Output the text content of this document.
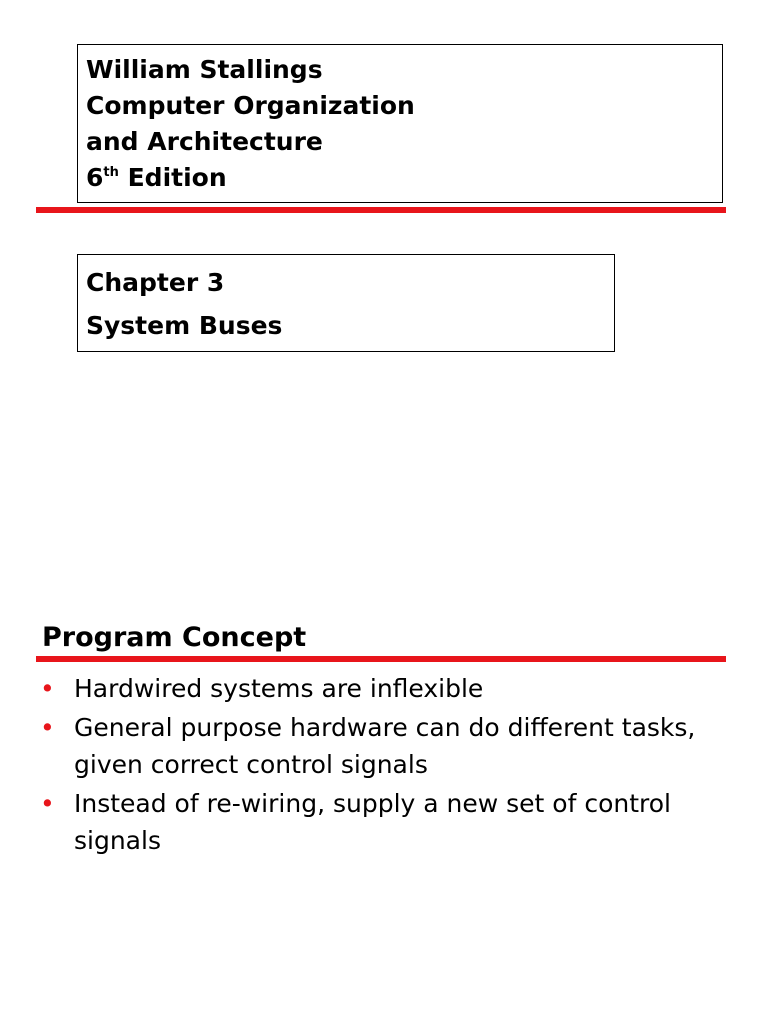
William Stallings
Computer Organization
and Architecture
6th Edition
Chapter 3
System Buses
Program Concept
• Hardwired systems are inflexible
• General purpose hardware can do different tasks, given correct control signals
• Instead of re-wiring, supply a new set of control signals
